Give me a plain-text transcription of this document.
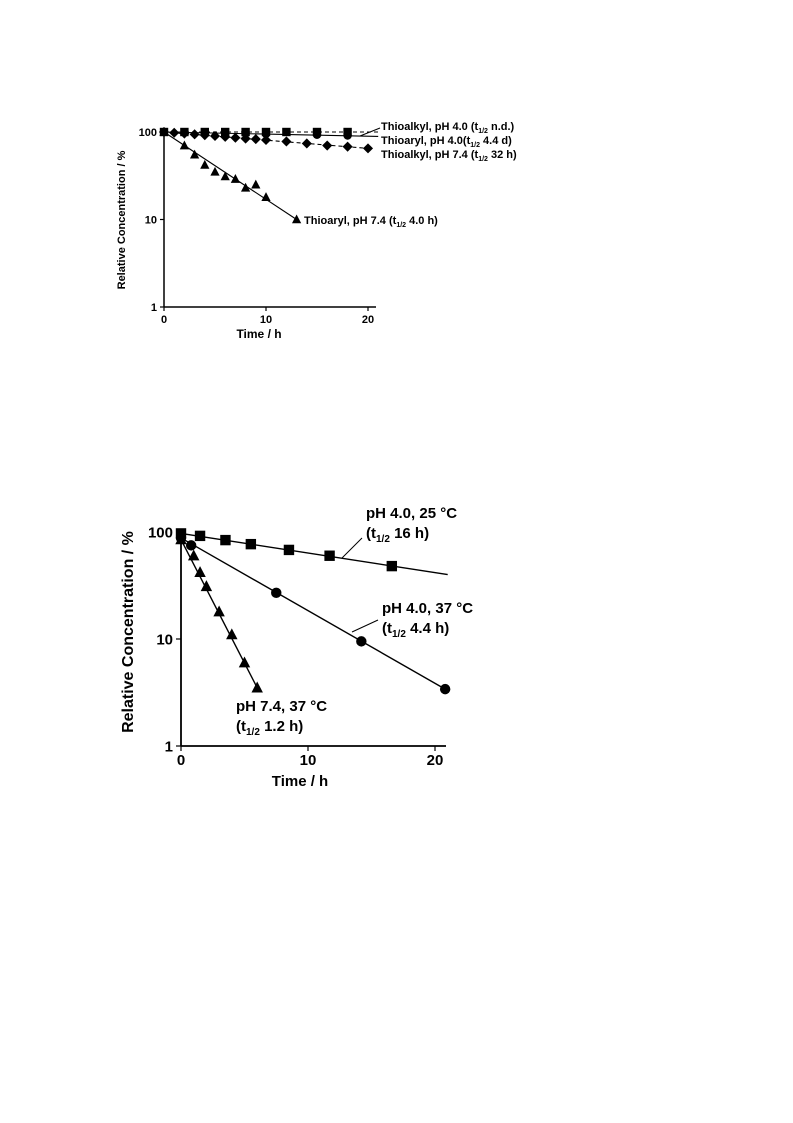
0	10	20
1
10
100
Relative Concentration / %
Time / h
Thioalkyl, pH 4.0 ($t_{1/2}$ n.d.)
Thioaryl, pH $4.0(t_{1/2}$ 4.4 d)
Thioalkyl, pH 7.4 ($t_{1/2}$ 32 h)
Thioaryl, pH 7.4 ($t_{1/2}$ 4.0 h)
0	10	20
1
10
100
Relative Concentration / %
Time / h
pH 4.0, 25 °C
($t_{1/2}$ 16 h)
pH 4.0, 37 °C
($t_{1/2}$ 4.4 h)
pH 7.4, 37 °C
($t_{1/2}$ 1.2 h)
